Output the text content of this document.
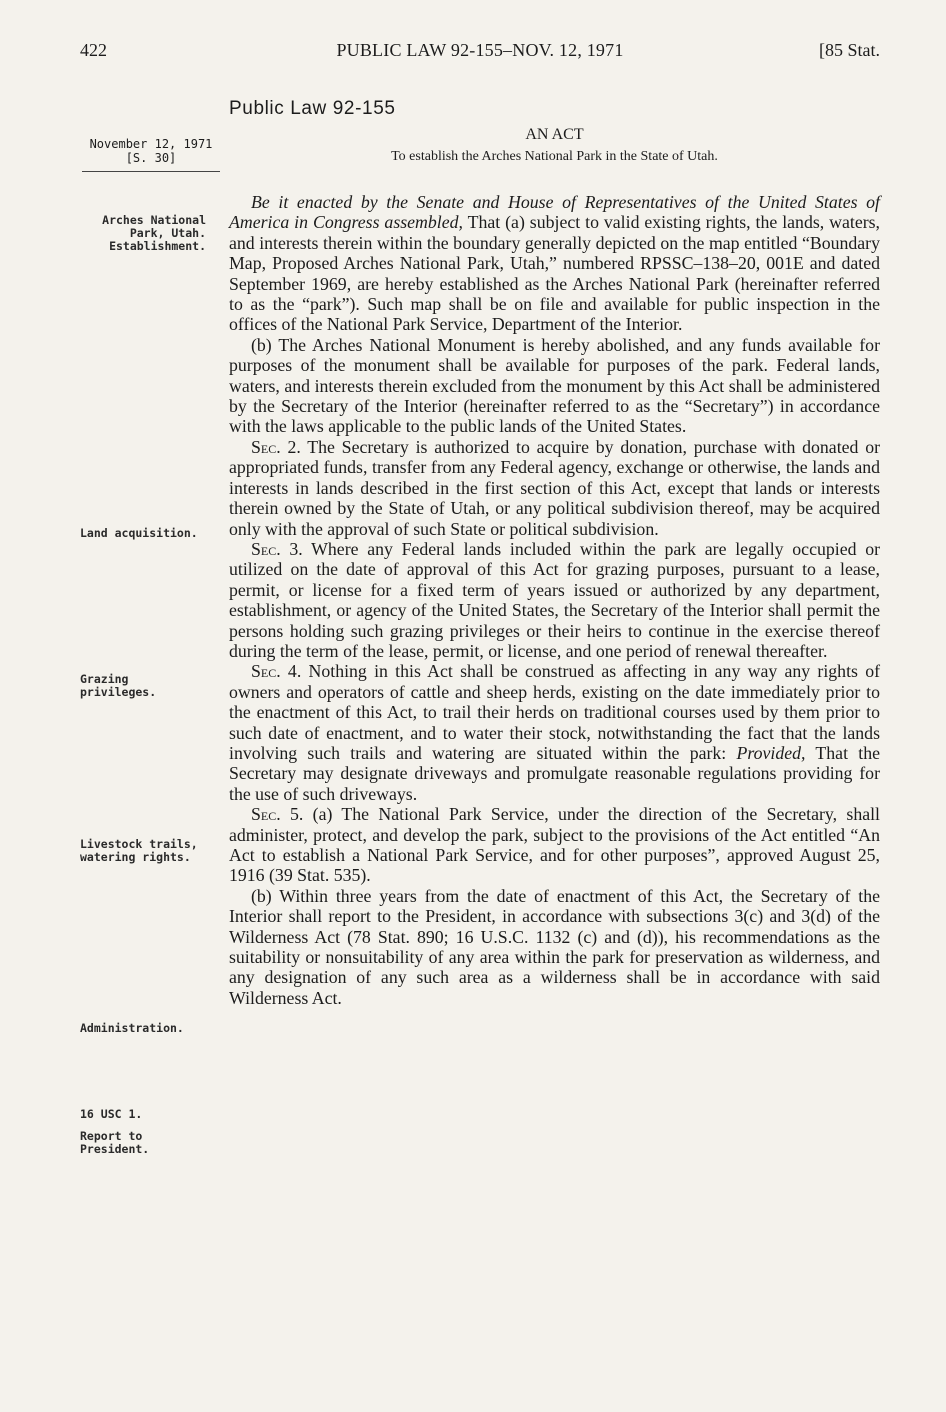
422	PUBLIC LAW 92-155–NOV. 12, 1971	[85 Stat.
Public Law 92-155
November 12, 1971
[S. 30]
AN ACT
To establish the Arches National Park in the State of Utah.
Arches National Park, Utah. Establishment.
Land acquisition.
Grazing privileges.
Livestock trails, watering rights.
Administration.
16 USC 1.
Report to President.

Be it enacted by the Senate and House of Representatives of the United States of America in Congress assembled, That (a) subject to valid existing rights, the lands, waters, and interests therein within the boundary generally depicted on the map entitled “Boundary Map, Proposed Arches National Park, Utah,” numbered RPSSC–138–20, 001E and dated September 1969, are hereby established as the Arches National Park (hereinafter referred to as the “park”). Such map shall be on file and available for public inspection in the offices of the National Park Service, Department of the Interior.

(b) The Arches National Monument is hereby abolished, and any funds available for purposes of the monument shall be available for purposes of the park. Federal lands, waters, and interests therein excluded from the monument by this Act shall be administered by the Secretary of the Interior (hereinafter referred to as the “Secretary”) in accordance with the laws applicable to the public lands of the United States.

Sec. 2. The Secretary is authorized to acquire by donation, purchase with donated or appropriated funds, transfer from any Federal agency, exchange or otherwise, the lands and interests in lands described in the first section of this Act, except that lands or interests therein owned by the State of Utah, or any political subdivision thereof, may be acquired only with the approval of such State or political subdivision.

Sec. 3. Where any Federal lands included within the park are legally occupied or utilized on the date of approval of this Act for grazing purposes, pursuant to a lease, permit, or license for a fixed term of years issued or authorized by any department, establishment, or agency of the United States, the Secretary of the Interior shall permit the persons holding such grazing privileges or their heirs to continue in the exercise thereof during the term of the lease, permit, or license, and one period of renewal thereafter.

Sec. 4. Nothing in this Act shall be construed as affecting in any way any rights of owners and operators of cattle and sheep herds, existing on the date immediately prior to the enactment of this Act, to trail their herds on traditional courses used by them prior to such date of enactment, and to water their stock, notwithstanding the fact that the lands involving such trails and watering are situated within the park: Provided, That the Secretary may designate driveways and promulgate reasonable regulations providing for the use of such driveways.

Sec. 5. (a) The National Park Service, under the direction of the Secretary, shall administer, protect, and develop the park, subject to the provisions of the Act entitled “An Act to establish a National Park Service, and for other purposes”, approved August 25, 1916 (39 Stat. 535).

(b) Within three years from the date of enactment of this Act, the Secretary of the Interior shall report to the President, in accordance with subsections 3(c) and 3(d) of the Wilderness Act (78 Stat. 890; 16 U.S.C. 1132 (c) and (d)), his recommendations as the suitability or nonsuitability of any area within the park for preservation as wilderness, and any designation of any such area as a wilderness shall be in accordance with said Wilderness Act.
